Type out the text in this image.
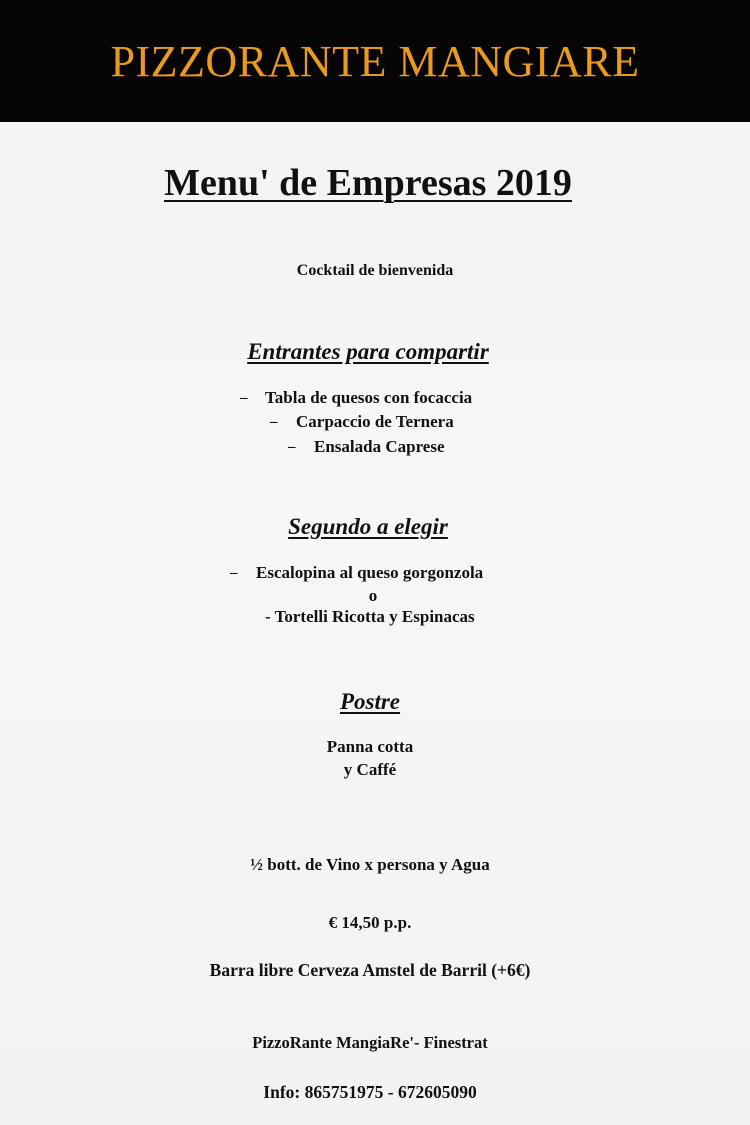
PIZZORANTE MANGIARE
Menu' de Empresas 2019
Cocktail de bienvenida
Entrantes para compartir
– Tabla de quesos con focaccia
– Carpaccio de Ternera
– Ensalada Caprese
Segundo a elegir
– Escalopina al queso gorgonzola
o
- Tortelli Ricotta y Espinacas
Postre
Panna cotta
y Caffé
½ bott. de Vino x persona y Agua
€ 14,50 p.p.
Barra libre Cerveza Amstel de Barril (+6€)
PizzoRante MangiaRe'- Finestrat
Info: 865751975 - 672605090
